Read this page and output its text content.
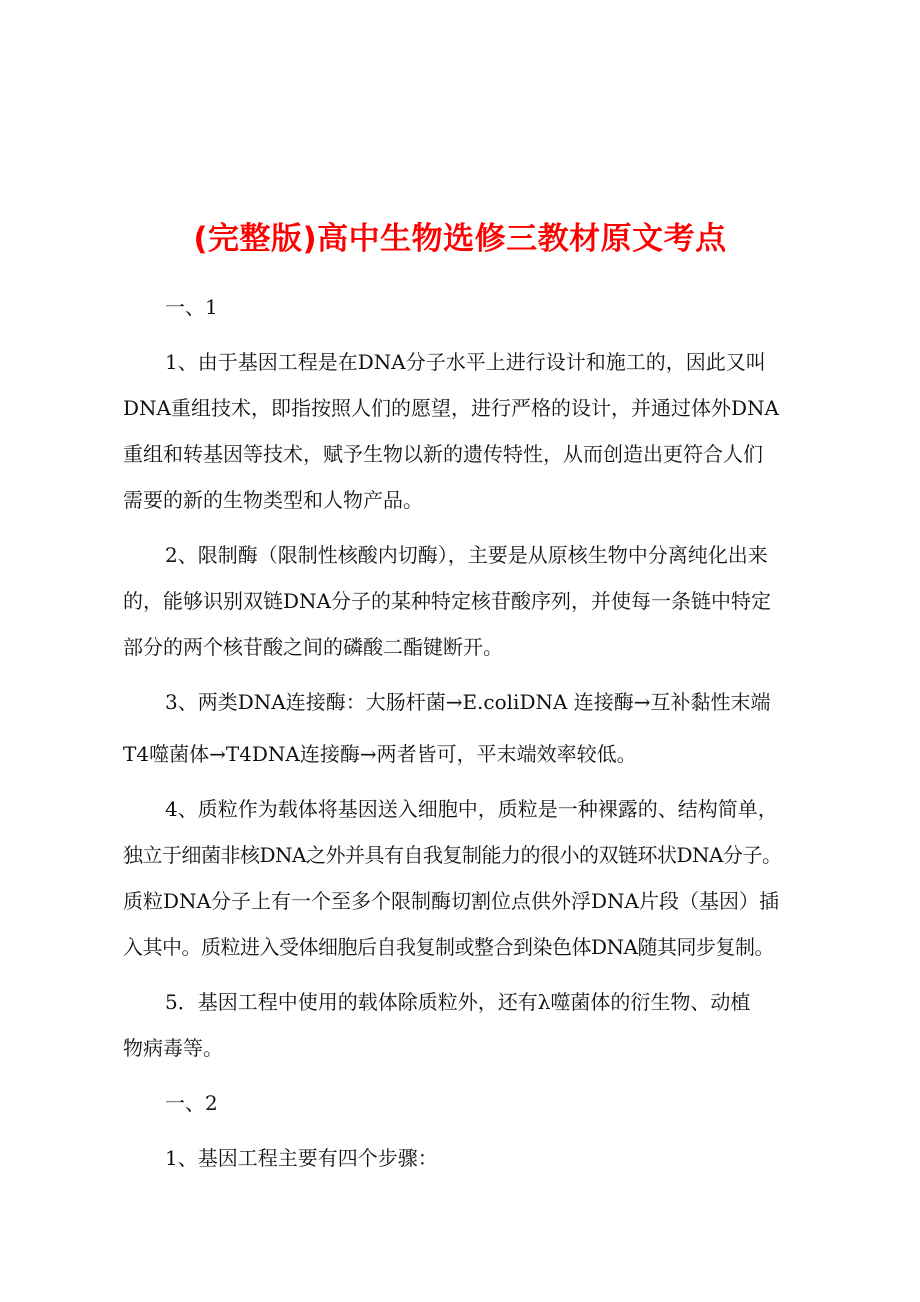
(完整版)高中生物选修三教材原文考点
一、1
1、由于基因工程是在DNA分子水平上进行设计和施工的，因此又叫
DNA重组技术，即指按照人们的愿望，进行严格的设计，并通过体外DNA
重组和转基因等技术，赋予生物以新的遗传特性，从而创造出更符合人们
需要的新的生物类型和人物产品。
2、限制酶（限制性核酸内切酶），主要是从原核生物中分离纯化出来
的，能够识别双链DNA分子的某种特定核苷酸序列，并使每一条链中特定
部分的两个核苷酸之间的磷酸二酯键断开。
3、两类DNA连接酶：大肠杆菌→E.coliDNA 连接酶→互补黏性末端
T4噬菌体→T4DNA连接酶→两者皆可，平末端效率较低。
4、质粒作为载体将基因送入细胞中，质粒是一种裸露的、结构简单，
独立于细菌非核DNA之外并具有自我复制能力的很小的双链环状DNA分子。
质粒DNA分子上有一个至多个限制酶切割位点供外浮DNA片段（基因）插
入其中。质粒进入受体细胞后自我复制或整合到染色体DNA随其同步复制。
5．基因工程中使用的载体除质粒外，还有λ噬菌体的衍生物、动植
物病毒等。
一、2
1、基因工程主要有四个步骤：
